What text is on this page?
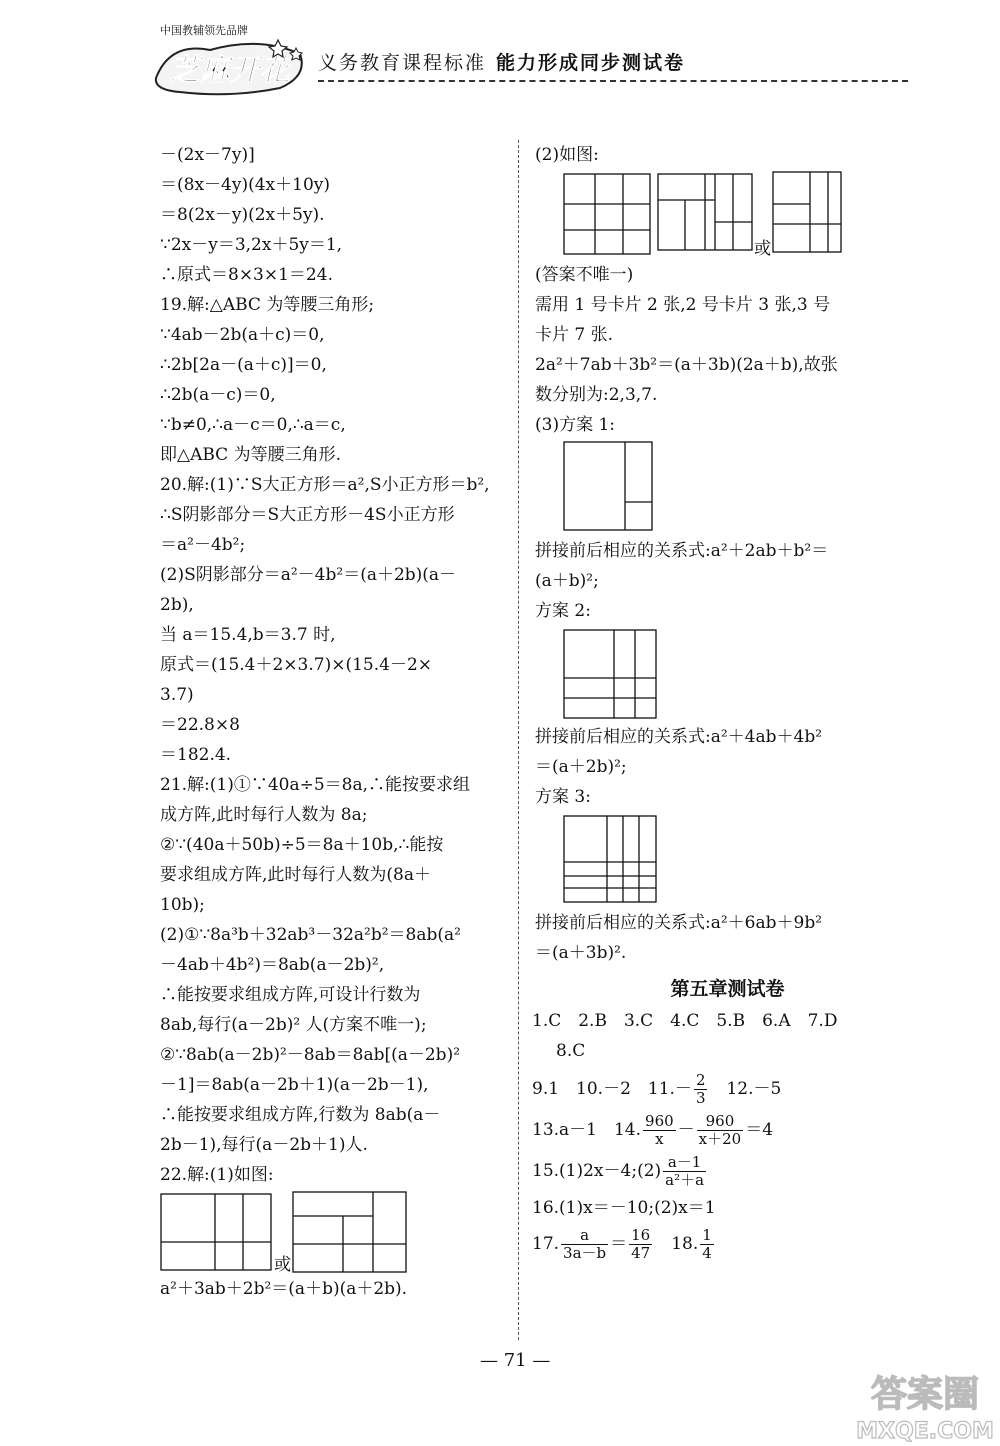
中国教辅领先品牌
芝麻开花 义务教育课程标准 能力形成同步测试卷
－(2x－7y)]
＝(8x－4y)(4x＋10y)
＝8(2x－y)(2x＋5y).
∵2x－y＝3,2x＋5y＝1,
∴原式＝8×3×1＝24.
19.解:△ABC 为等腰三角形;
∵4ab－2b(a＋c)＝0,
∴2b[2a－(a＋c)]＝0,
∴2b(a－c)＝0,
∵b≠0,∴a－c＝0,∴a＝c,
即△ABC 为等腰三角形.
20.解:(1)∵S大正方形＝a²,S小正方形＝b²,
∴S阴影部分＝S大正方形－4S小正方形
＝a²－4b²;
(2)S阴影部分＝a²－4b²＝(a＋2b)(a－
2b),
当 a＝15.4,b＝3.7 时,
原式＝(15.4＋2×3.7)×(15.4－2×
3.7)
＝22.8×8
＝182.4.
21.解:(1)①∵40a÷5＝8a,∴能按要求组
成方阵,此时每行人数为 8a;
②∵(40a＋50b)÷5＝8a＋10b,∴能按
要求组成方阵,此时每行人数为(8a＋
10b);
(2)①∵8a³b＋32ab³－32a²b²＝8ab(a²
－4ab＋4b²)＝8ab(a－2b)²,
∴能按要求组成方阵,可设计行数为
8ab,每行(a－2b)² 人(方案不唯一);
②∵8ab(a－2b)²－8ab＝8ab[(a－2b)²
－1]＝8ab(a－2b＋1)(a－2b－1),
∴能按要求组成方阵,行数为 8ab(a－
2b－1),每行(a－2b＋1)人.
22.解:(1)如图:
或
a²＋3ab＋2b²＝(a＋b)(a＋2b).
(2)如图:
或
(答案不唯一)
需用 1 号卡片 2 张,2 号卡片 3 张,3 号
卡片 7 张.
2a²＋7ab＋3b²＝(a＋3b)(2a＋b),故张
数分别为:2,3,7.
(3)方案 1:
拼接前后相应的关系式:a²＋2ab＋b²＝
(a＋b)²;
方案 2:
拼接前后相应的关系式:a²＋4ab＋4b²
＝(a＋2b)²;
方案 3:
拼接前后相应的关系式:a²＋6ab＋9b²
＝(a＋3b)².
第五章测试卷
1.C　2.B　3.C　4.C　5.B　6.A　7.D
8.C
9.1　10.－2　$11.- \frac{2}{3}$ 　12.－5
13.a－1　14. $\frac{960}{x} - \frac{960}{x+20} =4$
15.(1)2x－4;(2) $\frac{a-1}{\text{a²＋a}}$
16.(1)x＝－10;(2)x＝1
17. $\frac{a}{3a-b} = \frac{16}{47}$ 　18. $\frac{1}{4}$
— 71 —
答案圈
MXQE.COM
